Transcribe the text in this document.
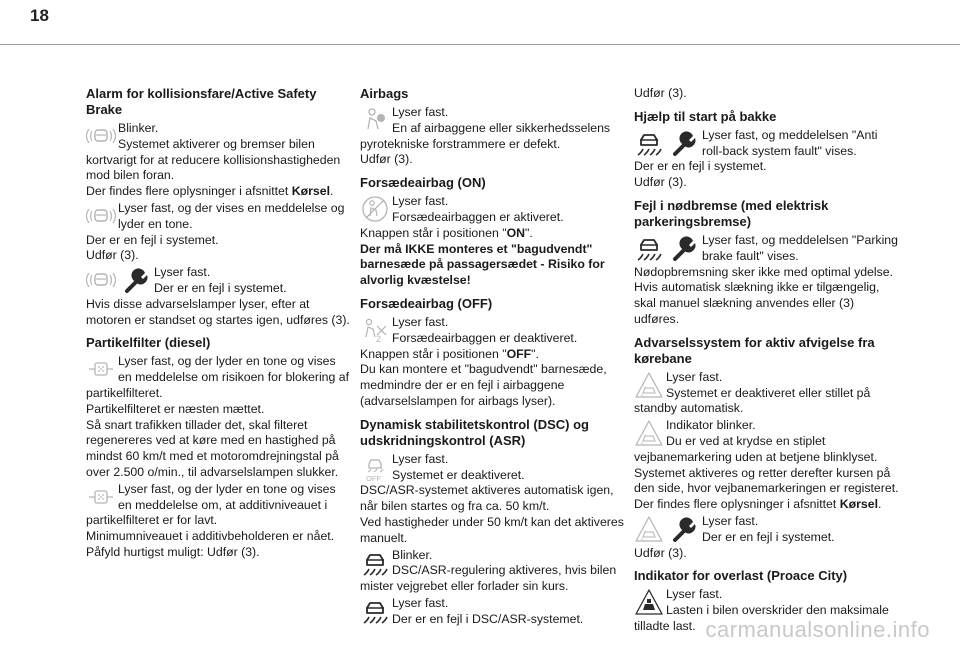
18
Alarm for kollisionsfare/Active Safety Brake

Blinker.

Systemet aktiverer og bremser bilen kortvarigt for at reducere kollisionshastigheden mod bilen foran.

Der findes flere oplysninger i afsnittet Kørsel.

Lyser fast, og der vises en meddelelse og lyder en tone.

Der er en fejl i systemet.

Udfør (3).

Lyser fast.

Der er en fejl i systemet.

Hvis disse advarselslamper lyser, efter at motoren er standset og startes igen, udføres (3).

Partikelfilter (diesel)

Lyser fast, og der lyder en tone og vises en meddelelse om risikoen for blokering af partikelfilteret.

Partikelfilteret er næsten mættet.

Så snart trafikken tillader det, skal filteret regenereres ved at køre med en hastighed på mindst 60 km/t med et motoromdrejningstal på over 2.500 o/min., til advarselslampen slukker.

Lyser fast, og der lyder en tone og vises en meddelelse om, at additivniveauet i partikelfilteret er for lavt.

Minimumniveauet i additivbeholderen er nået.

Påfyld hurtigst muligt: Udfør (3).

Airbags

Lyser fast.

En af airbaggene eller sikkerhedsselens pyrotekniske forstrammere er defekt.

Udfør (3).

Forsædeairbag (ON)

Lyser fast.

Forsædeairbaggen er aktiveret.

Knappen står i positionen "ON".

Der må IKKE monteres et "bagudvendt" barnesæde på passagersædet - Risiko for alvorlig kvæstelse!

Forsædeairbag (OFF)

Lyser fast.

Forsædeairbaggen er deaktiveret.

Knappen står i positionen "OFF".

Du kan montere et "bagudvendt" barnesæde, medmindre der er en fejl i airbaggene (advarselslampen for airbags lyser).

Dynamisk stabilitetskontrol (DSC) og udskridningskontrol (ASR)
OFF

Lyser fast.

Systemet er deaktiveret.

DSC/ASR-systemet aktiveres automatisk igen, når bilen startes og fra ca. 50 km/t.

Ved hastigheder under 50 km/t kan det aktiveres manuelt.

Blinker.

DSC/ASR-regulering aktiveres, hvis bilen mister vejgrebet eller forlader sin kurs.

Lyser fast.

Der er en fejl i DSC/ASR-systemet.

Udfør (3).

Hjælp til start på bakke

Lyser fast, og meddelelsen "Anti roll-back system fault" vises.

Der er en fejl i systemet.

Udfør (3).

Fejl i nødbremse (med elektrisk parkeringsbremse)

Lyser fast, og meddelelsen "Parking brake fault" vises.

Nødopbremsning sker ikke med optimal ydelse.

Hvis automatisk slækning ikke er tilgængelig, skal manuel slækning anvendes eller (3) udføres.

Advarselssystem for aktiv afvigelse fra kørebane

Lyser fast.

Systemet er deaktiveret eller stillet på standby automatisk.

Indikator blinker.

Du er ved at krydse en stiplet vejbanemarkering uden at betjene blinklyset.

Systemet aktiveres og retter derefter kursen på den side, hvor vejbanemarkeringen er registeret.

Der findes flere oplysninger i afsnittet Kørsel.

Lyser fast.

Der er en fejl i systemet.

Udfør (3).

Indikator for overlast (Proace City)

Lyser fast.

Lasten i bilen overskrider den maksimale tilladte last. carmanualsonline.info
